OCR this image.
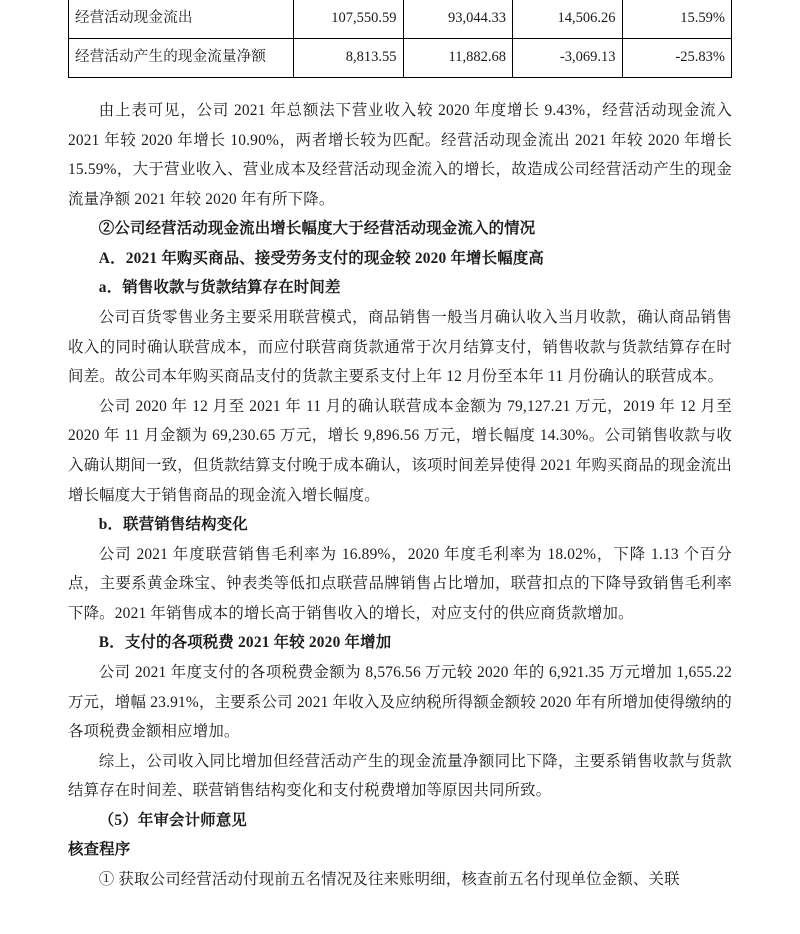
经营活动现金流出	107,550.59	93,044.33	14,506.26	15.59%
经营活动产生的现金流量净额	8,813.55	11,882.68	-3,069.13	-25.83%

由上表可见，公司 2021 年总额法下营业收入较 2020 年度增长 9.43%，经营活动现金流入 2021 年较 2020 年增长 10.90%，两者增长较为匹配。经营活动现金流出 2021 年较 2020 年增长 15.59%，大于营业收入、营业成本及经营活动现金流入的增长，故造成公司经营活动产生的现金流量净额 2021 年较 2020 年有所下降。

②公司经营活动现金流出增长幅度大于经营活动现金流入的情况

A．2021 年购买商品、接受劳务支付的现金较 2020 年增长幅度高

a．销售收款与货款结算存在时间差

公司百货零售业务主要采用联营模式，商品销售一般当月确认收入当月收款，确认商品销售收入的同时确认联营成本，而应付联营商货款通常于次月结算支付，销售收款与货款结算存在时间差。故公司本年购买商品支付的货款主要系支付上年 12 月份至本年 11 月份确认的联营成本。

公司 2020 年 12 月至 2021 年 11 月的确认联营成本金额为 79,127.21 万元，2019 年 12 月至 2020 年 11 月金额为 69,230.65 万元，增长 9,896.56 万元，增长幅度 14.30%。公司销售收款与收入确认期间一致，但货款结算支付晚于成本确认，该项时间差异使得 2021 年购买商品的现金流出增长幅度大于销售商品的现金流入增长幅度。

b．联营销售结构变化

公司 2021 年度联营销售毛利率为 16.89%，2020 年度毛利率为 18.02%，下降 1.13 个百分点，主要系黄金珠宝、钟表类等低扣点联营品牌销售占比增加，联营扣点的下降导致销售毛利率下降。2021 年销售成本的增长高于销售收入的增长，对应支付的供应商货款增加。

B．支付的各项税费 2021 年较 2020 年增加

公司 2021 年度支付的各项税费金额为 8,576.56 万元较 2020 年的 6,921.35 万元增加 1,655.22 万元，增幅 23.91%，主要系公司 2021 年收入及应纳税所得额金额较 2020 年有所增加使得缴纳的各项税费金额相应增加。

综上，公司收入同比增加但经营活动产生的现金流量净额同比下降，主要系销售收款与货款结算存在时间差、联营销售结构变化和支付税费增加等原因共同所致。

（5）年审会计师意见

核查程序

① 获取公司经营活动付现前五名情况及往来账明细，核查前五名付现单位金额、关联
